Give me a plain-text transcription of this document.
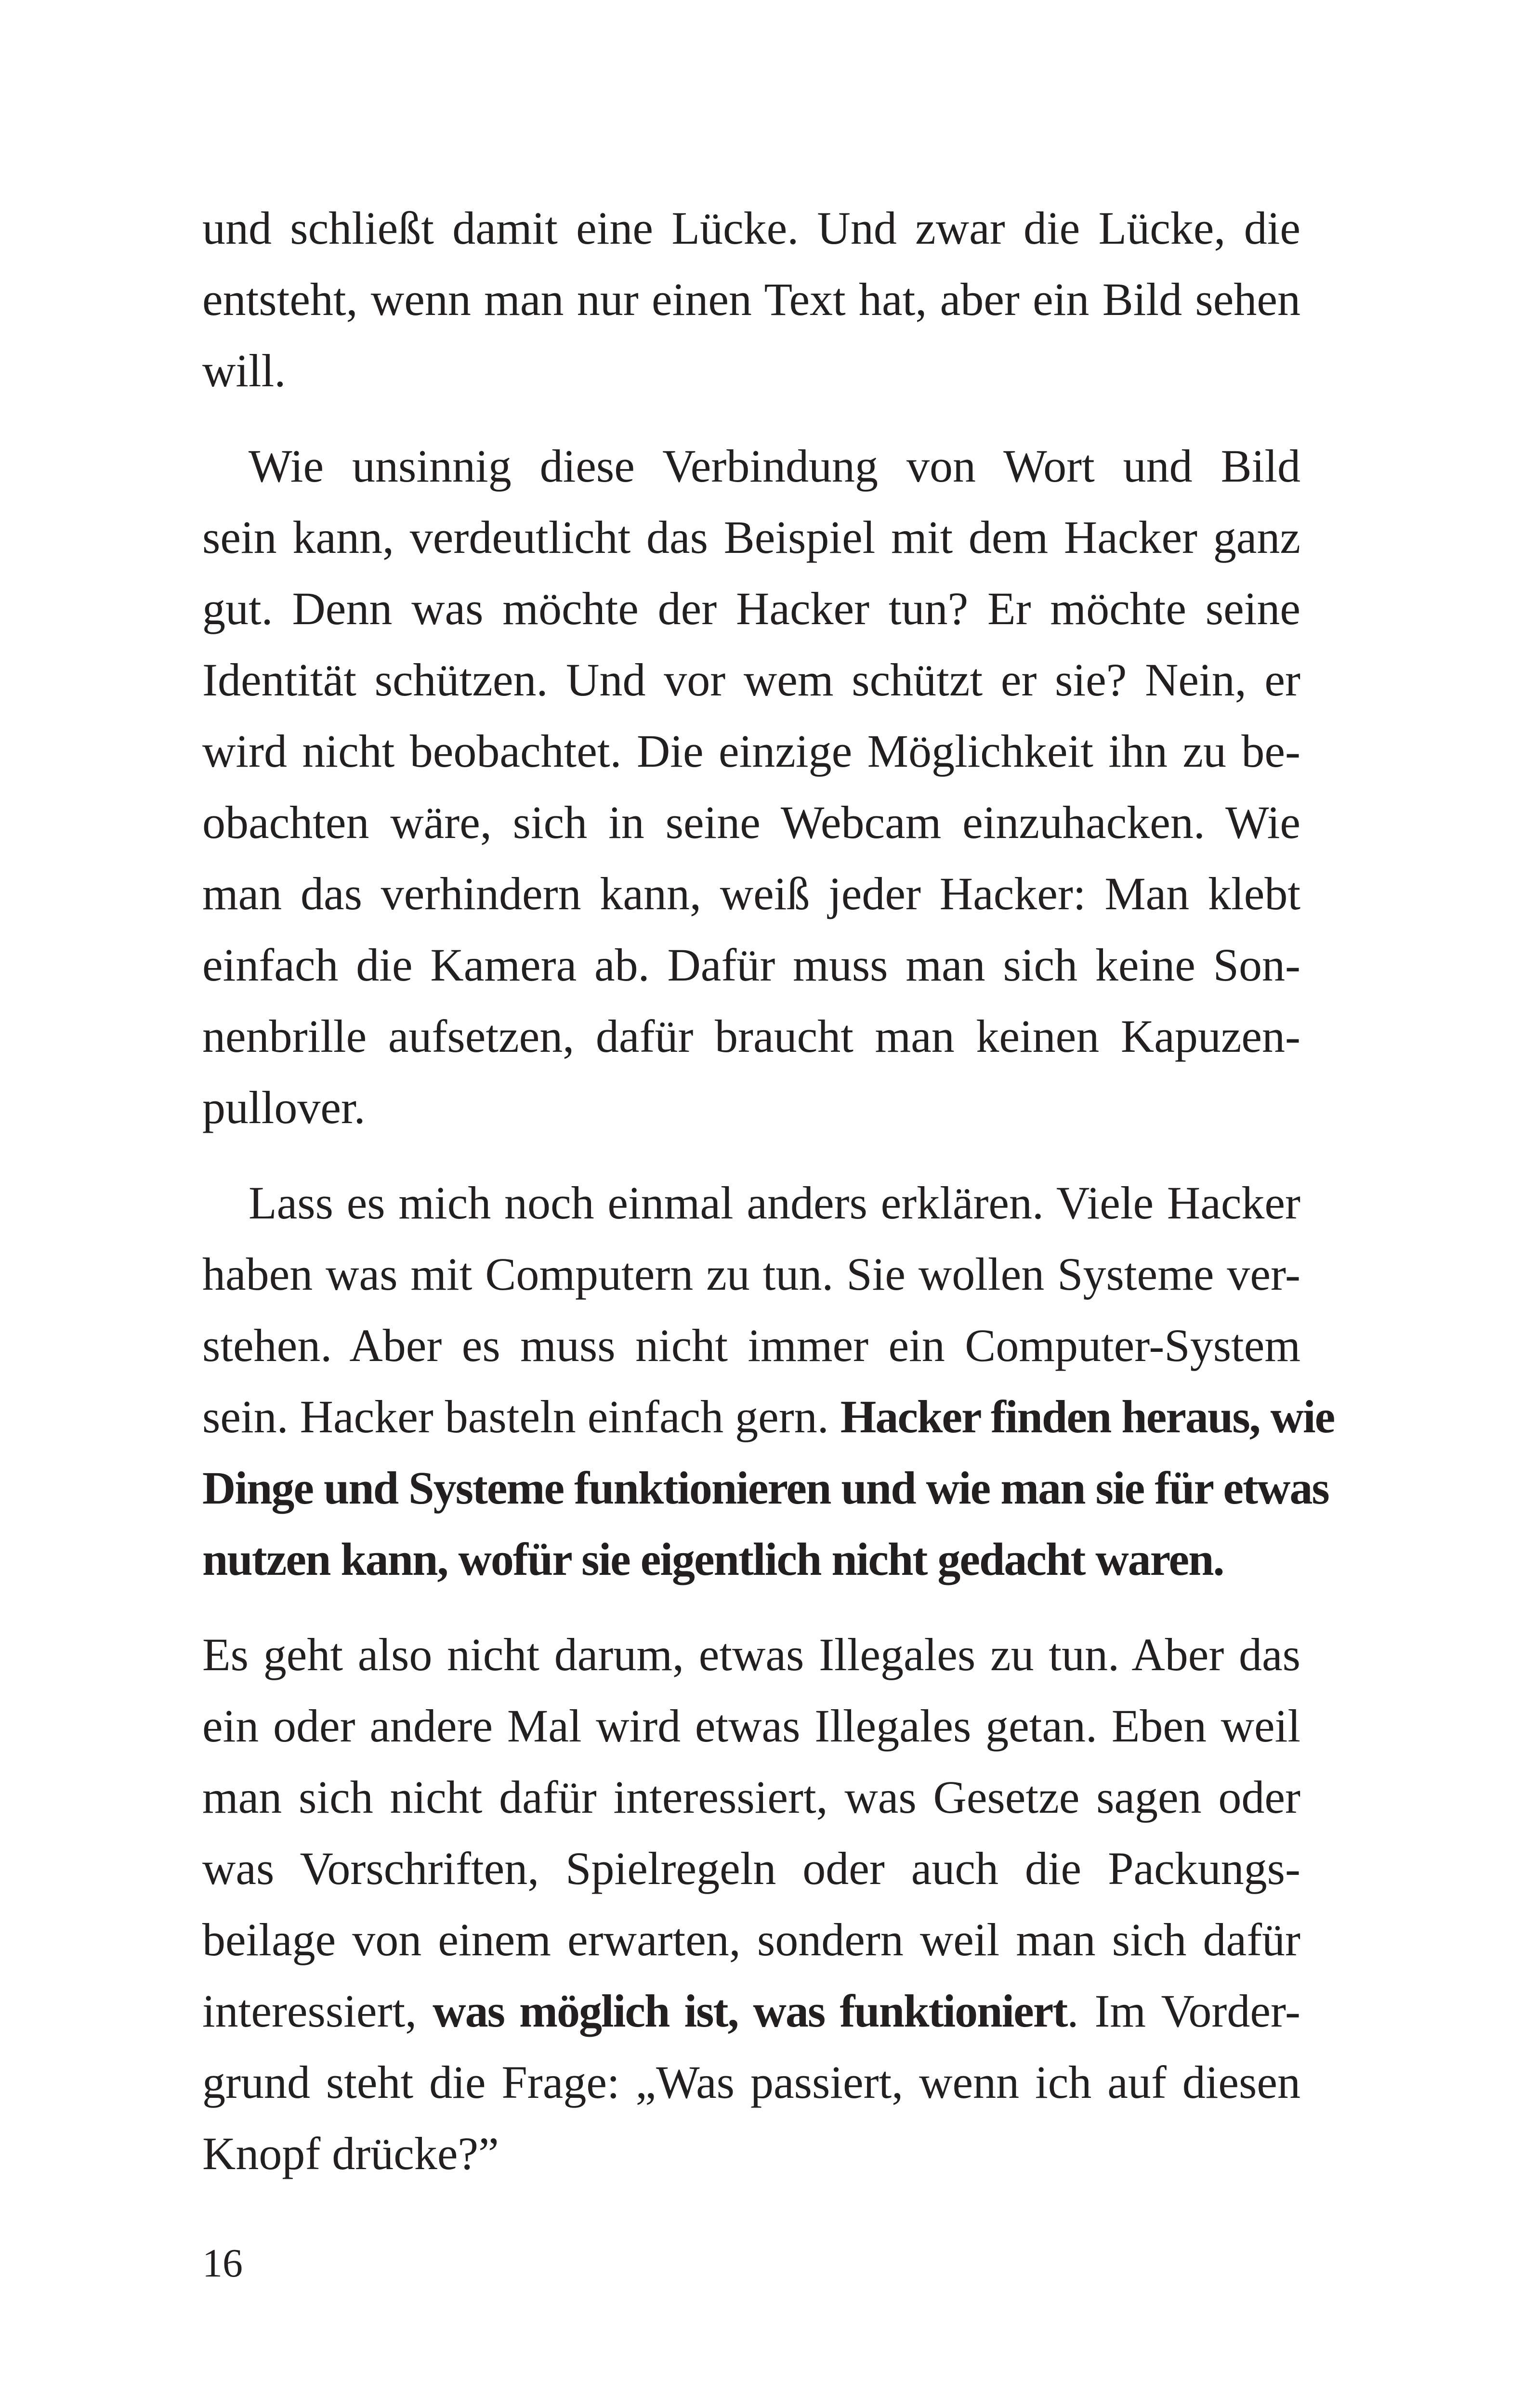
und schließt damit eine Lücke. Und zwar die Lücke, die
entsteht, wenn man nur einen Text hat, aber ein Bild sehen
will.

Wie unsinnig diese Verbindung von Wort und Bild
sein kann, verdeutlicht das Beispiel mit dem Hacker ganz
gut. Denn was möchte der Hacker tun? Er möchte seine
Identität schützen. Und vor wem schützt er sie? Nein, er
wird nicht beobachtet. Die einzige Möglichkeit ihn zu be-
obachten wäre, sich in seine Webcam einzuhacken. Wie
man das verhindern kann, weiß jeder Hacker: Man klebt
einfach die Kamera ab. Dafür muss man sich keine Son-
nenbrille aufsetzen, dafür braucht man keinen Kapuzen-
pullover.

Lass es mich noch einmal anders erklären. Viele Hacker
haben was mit Computern zu tun. Sie wollen Systeme ver-
stehen. Aber es muss nicht immer ein Computer-System
sein. Hacker basteln einfach gern. Hacker finden heraus, wie
Dinge und Systeme funktionieren und wie man sie für etwas
nutzen kann, wofür sie eigentlich nicht gedacht waren.

Es geht also nicht darum, etwas Illegales zu tun. Aber das
ein oder andere Mal wird etwas Illegales getan. Eben weil
man sich nicht dafür interessiert, was Gesetze sagen oder
was Vorschriften, Spielregeln oder auch die Packungs-
beilage von einem erwarten, sondern weil man sich dafür
interessiert, was möglich ist, was funktioniert. Im Vorder-
grund steht die Frage: „Was passiert, wenn ich auf diesen
Knopf drücke?”

16
